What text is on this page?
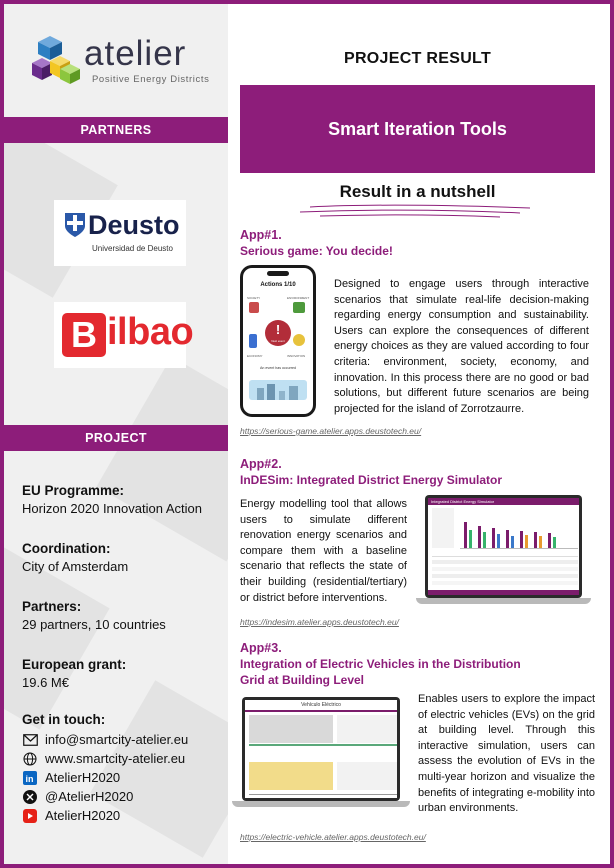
atelier
Positive Energy Districts
PARTNERS
Deusto
Universidad de Deusto
B ilbao
PROJECT
EU Programme:
Horizon 2020 Innovation Action
Coordination:
City of Amsterdam
Partners:
29 partners, 10 countries
European grant:
19.6 M€
Get in touch:
info@smartcity-atelier.eu
www.smartcity-atelier.eu
in AtelierH2020
@AtelierH2020
AtelierH2020
PROJECT RESULT
Smart Iteration Tools
Result in a nutshell
App#1.
Serious game: You decide!
Actions 1/10
SOCIETY	ENVIRONMENT
ECONOMY	INNOVATION
!
Next event
An event has occurred
Designed to engage users through interactive scenarios that simulate real-life decision-making regarding energy consumption and sustainability. Users can explore the consequences of different energy choices as they are valued according to four criteria: environment, society, economy, and innovation. In this process there are no good or bad solutions, but different future scenarios are being projected for the island of Zorrotzaurre.
https://serious-game.atelier.apps.deustotech.eu/
App#2.
InDESim: Integrated District Energy Simulator
Energy modelling tool that allows users to simulate different renovation energy scenarios and compare them with a baseline scenario that reflects the state of their building (residential/tertiary) or district before interventions.
Integrated District Energy Simulator
https://indesim.atelier.apps.deustotech.eu/
App#3.
Integration of Electric Vehicles in the Distribution
Grid at Building Level
Vehículo Eléctrico	Enables users to explore the impact of electric vehicles (EVs) on the grid at building level. Through this interactive simulation, users can assess the evolution of EVs in the multi-year horizon and visualize the benefits of integrating e-mobility into urban environments.
https://electric-vehicle.atelier.apps.deustotech.eu/
